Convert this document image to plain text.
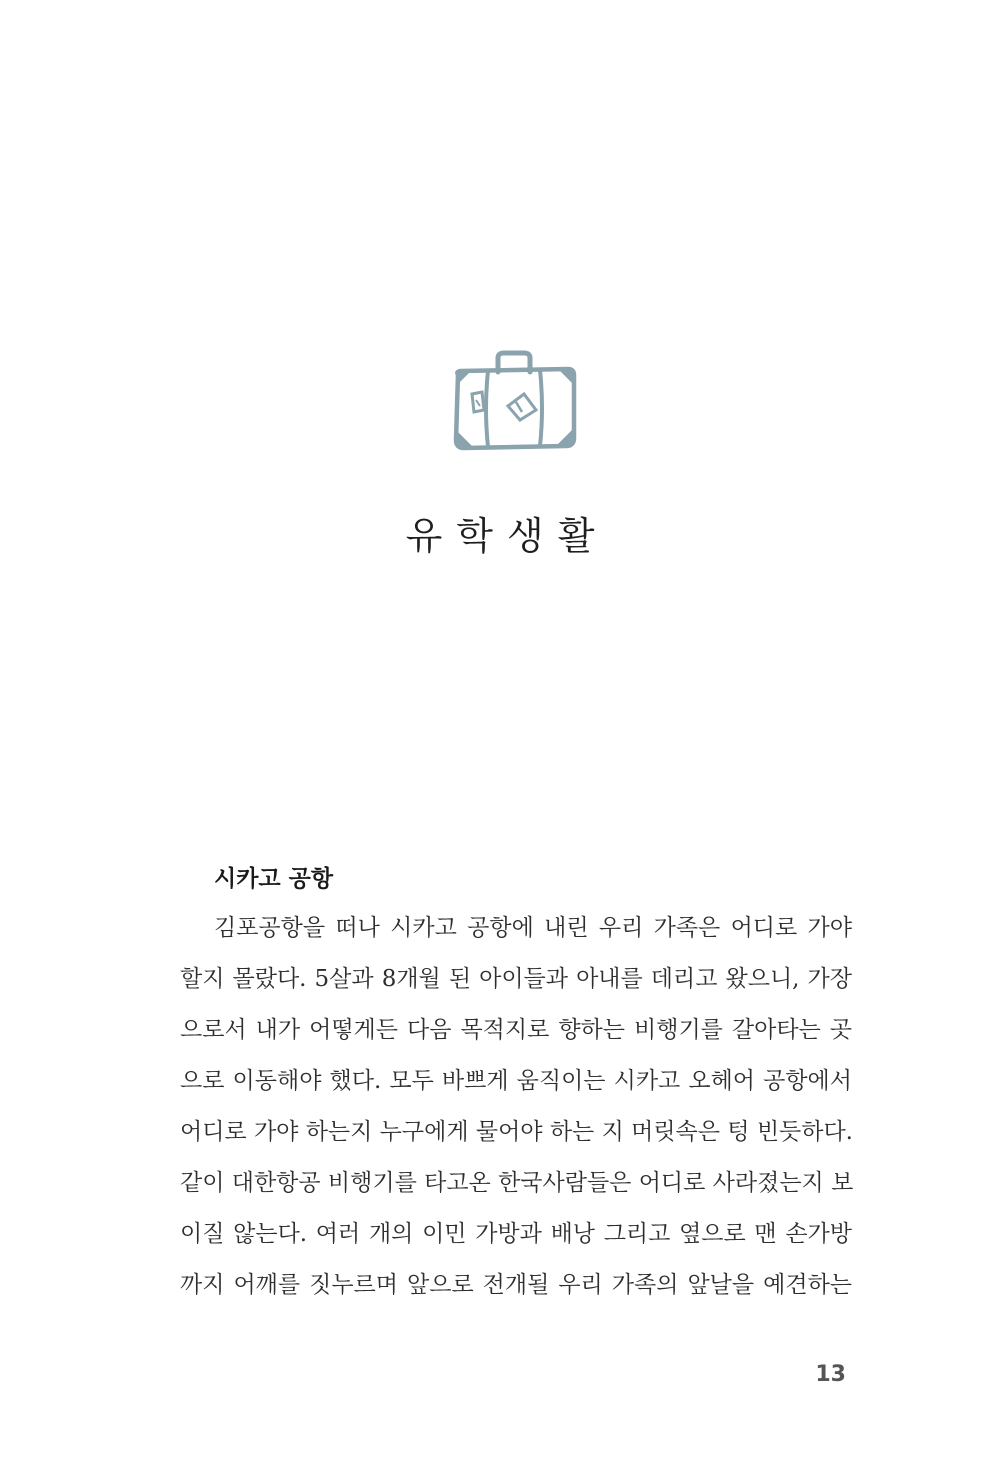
유학생활
시카고 공항
김포공항을 떠나 시카고 공항에 내린 우리 가족은 어디로 가야
할지 몰랐다. 5살과 8개월 된 아이들과 아내를 데리고 왔으니, 가장
으로서 내가 어떻게든 다음 목적지로 향하는 비행기를 갈아타는 곳
으로 이동해야 했다. 모두 바쁘게 움직이는 시카고 오헤어 공항에서
어디로 가야 하는지 누구에게 물어야 하는 지 머릿속은 텅 빈듯하다.
같이 대한항공 비행기를 타고온 한국사람들은 어디로 사라졌는지 보
이질 않는다. 여러 개의 이민 가방과 배낭 그리고 옆으로 맨 손가방
까지 어깨를 짓누르며 앞으로 전개될 우리 가족의 앞날을 예견하는
13
